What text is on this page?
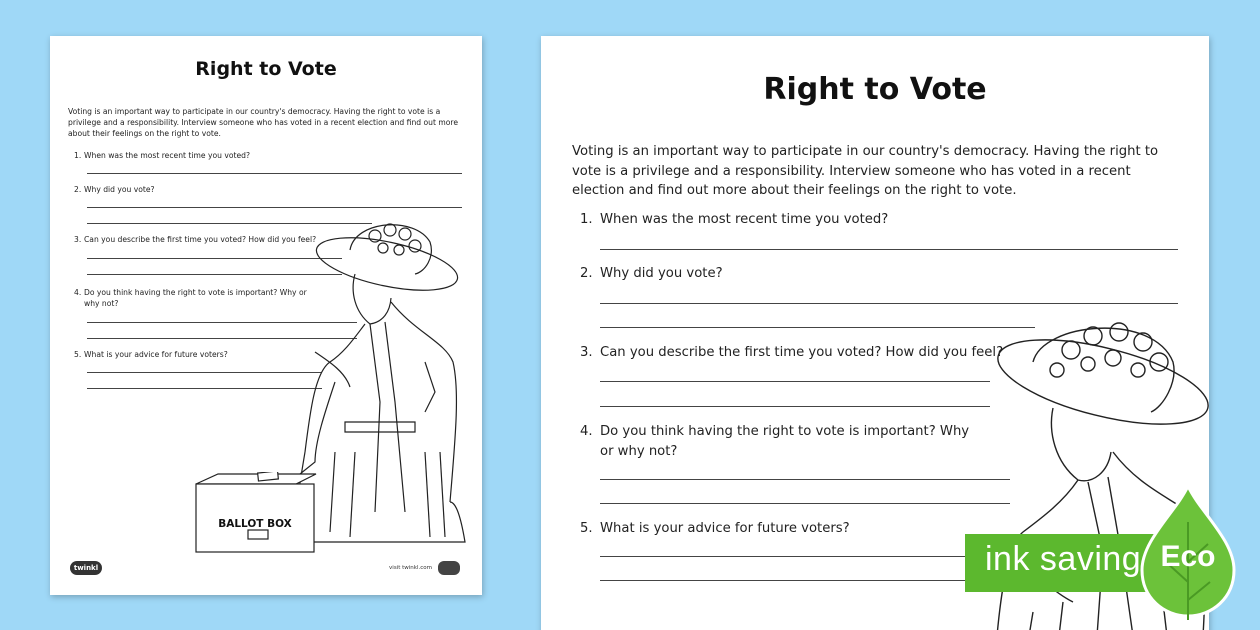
Right to Vote
Voting is an important way to participate in our country's democracy. Having the right to vote is a privilege and a responsibility. Interview someone who has voted in a recent election and find out more about their feelings on the right to vote.
1. When was the most recent time you voted?
2. Why did you vote?
3. Can you describe the first time you voted? How did you feel?
4. Do you think having the right to vote is important? Why or why not?
5. What is your advice for future voters?
BALLOT BOX
twinkl	visit twinkl.com
Right to Vote
Voting is an important way to participate in our country's democracy. Having the right to vote is a privilege and a responsibility. Interview someone who has voted in a recent election and find out more about their feelings on the right to vote.
1. When was the most recent time you voted?
2. Why did you vote?
3. Can you describe the first time you voted? How did you feel?
4. Do you think having the right to vote is important? Why or why not?
5. What is your advice for future voters?
ink saving Eco
